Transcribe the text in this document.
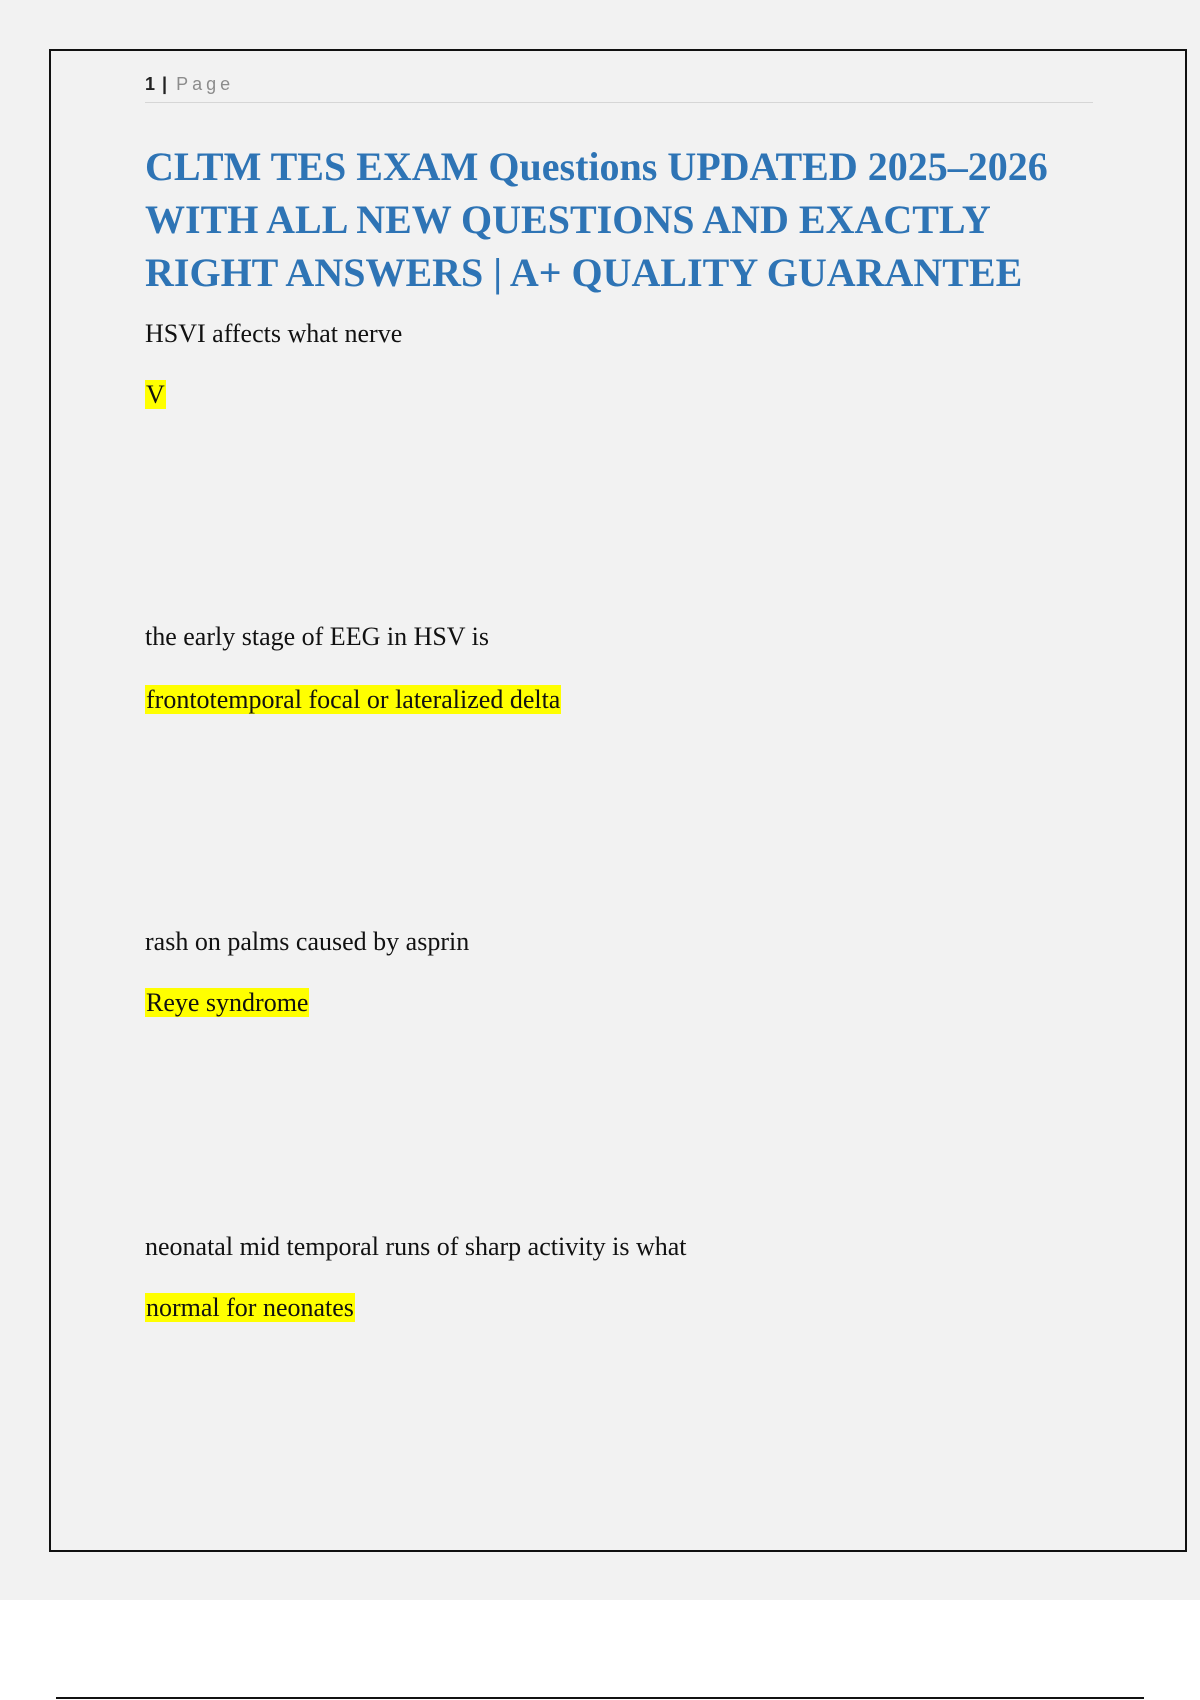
1 | Page
CLTM TES EXAM Questions UPDATED 2025–2026 WITH ALL NEW QUESTIONS AND EXACTLY RIGHT ANSWERS | A+ QUALITY GUARANTEE

HSVI affects what nerve

V

the early stage of EEG in HSV is

frontotemporal focal or lateralized delta

rash on palms caused by asprin

Reye syndrome

neonatal mid temporal runs of sharp activity is what

normal for neonates
